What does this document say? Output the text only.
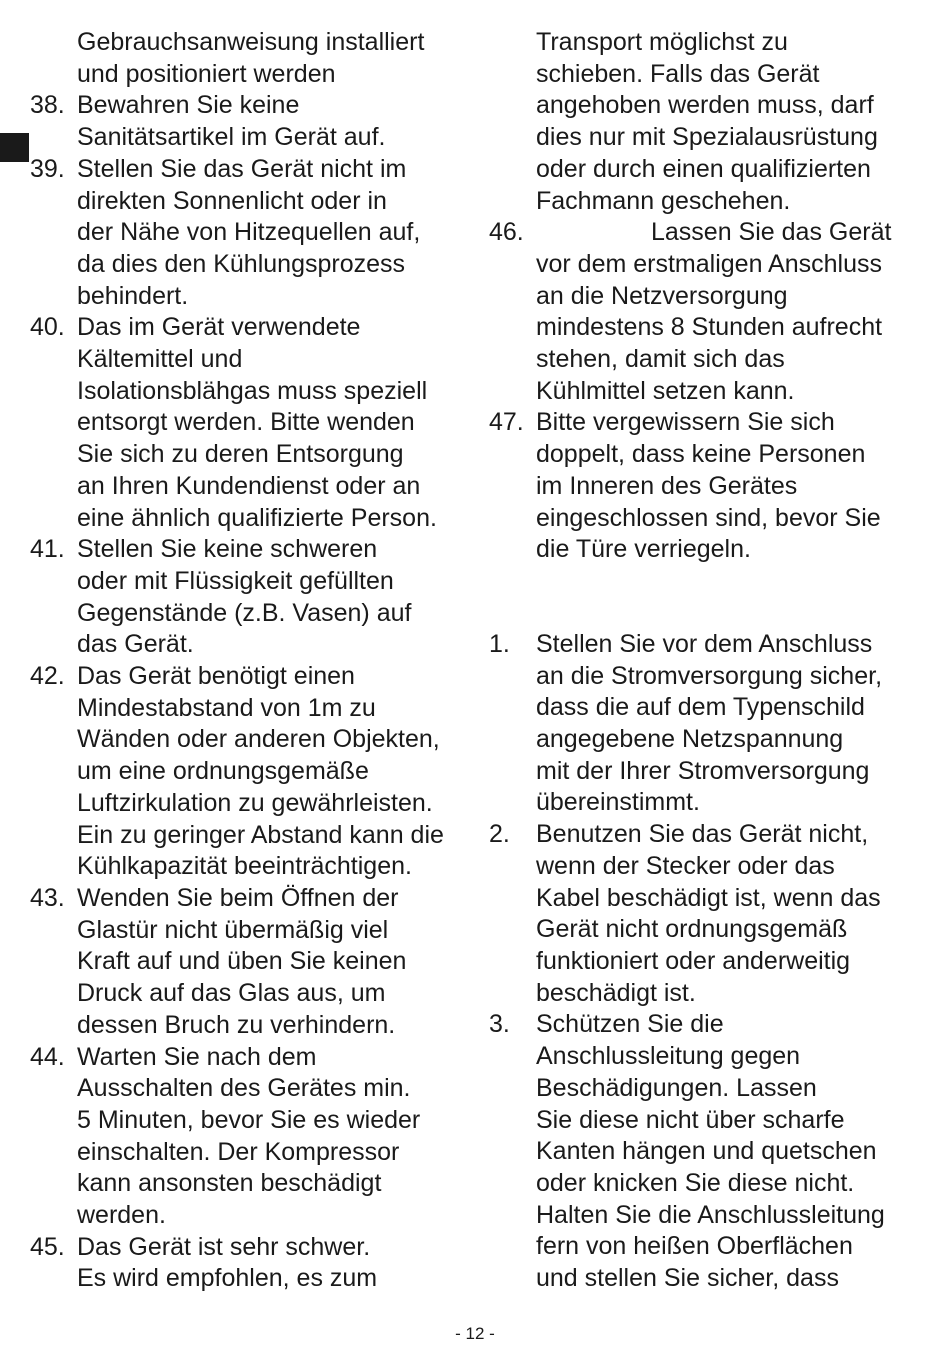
Gebrauchsanweisung installiert
und positioniert werden
38. Bewahren Sie keine
Sanitätsartikel im Gerät auf.
39. Stellen Sie das Gerät nicht im
direkten Sonnenlicht oder in
der Nähe von Hitzequellen auf,
da dies den Kühlungsprozess
behindert.
40. Das im Gerät verwendete
Kältemittel und
Isolationsblähgas muss speziell
entsorgt werden. Bitte wenden
Sie sich zu deren Entsorgung
an Ihren Kundendienst oder an
eine ähnlich qualifizierte Person.
41. Stellen Sie keine schweren
oder mit Flüssigkeit gefüllten
Gegenstände (z.B. Vasen) auf
das Gerät.
42. Das Gerät benötigt einen
Mindestabstand von 1m zu
Wänden oder anderen Objekten,
um eine ordnungsgemäße
Luftzirkulation zu gewährleisten.
Ein zu geringer Abstand kann die
Kühlkapazität beeinträchtigen.
43. Wenden Sie beim Öffnen der
Glastür nicht übermäßig viel
Kraft auf und üben Sie keinen
Druck auf das Glas aus, um
dessen Bruch zu verhindern.
44. Warten Sie nach dem
Ausschalten des Gerätes min.
5 Minuten, bevor Sie es wieder
einschalten. Der Kompressor
kann ansonsten beschädigt
werden.
45. Das Gerät ist sehr schwer.
Es wird empfohlen, es zum
Transport möglichst zu
schieben. Falls das Gerät
angehoben werden muss, darf
dies nur mit Spezialausrüstung
oder durch einen qualifizierten
Fachmann geschehen.
46.	Lassen Sie das Gerät
vor dem erstmaligen Anschluss
an die Netzversorgung
mindestens 8 Stunden aufrecht
stehen, damit sich das
Kühlmittel setzen kann.
47. Bitte vergewissern Sie sich
doppelt, dass keine Personen
im Inneren des Gerätes
eingeschlossen sind, bevor Sie
die Türe verriegeln.
1.	Stellen Sie vor dem Anschluss
an die Stromversorgung sicher,
dass die auf dem Typenschild
angegebene Netzspannung
mit der Ihrer Stromversorgung
übereinstimmt.
2.	Benutzen Sie das Gerät nicht,
wenn der Stecker oder das
Kabel beschädigt ist, wenn das
Gerät nicht ordnungsgemäß
funktioniert oder anderweitig
beschädigt ist.
3.	Schützen Sie die
Anschlussleitung gegen
Beschädigungen. Lassen
Sie diese nicht über scharfe
Kanten hängen und quetschen
oder knicken Sie diese nicht.
Halten Sie die Anschlussleitung
fern von heißen Oberflächen
und stellen Sie sicher, dass
- 12 -
